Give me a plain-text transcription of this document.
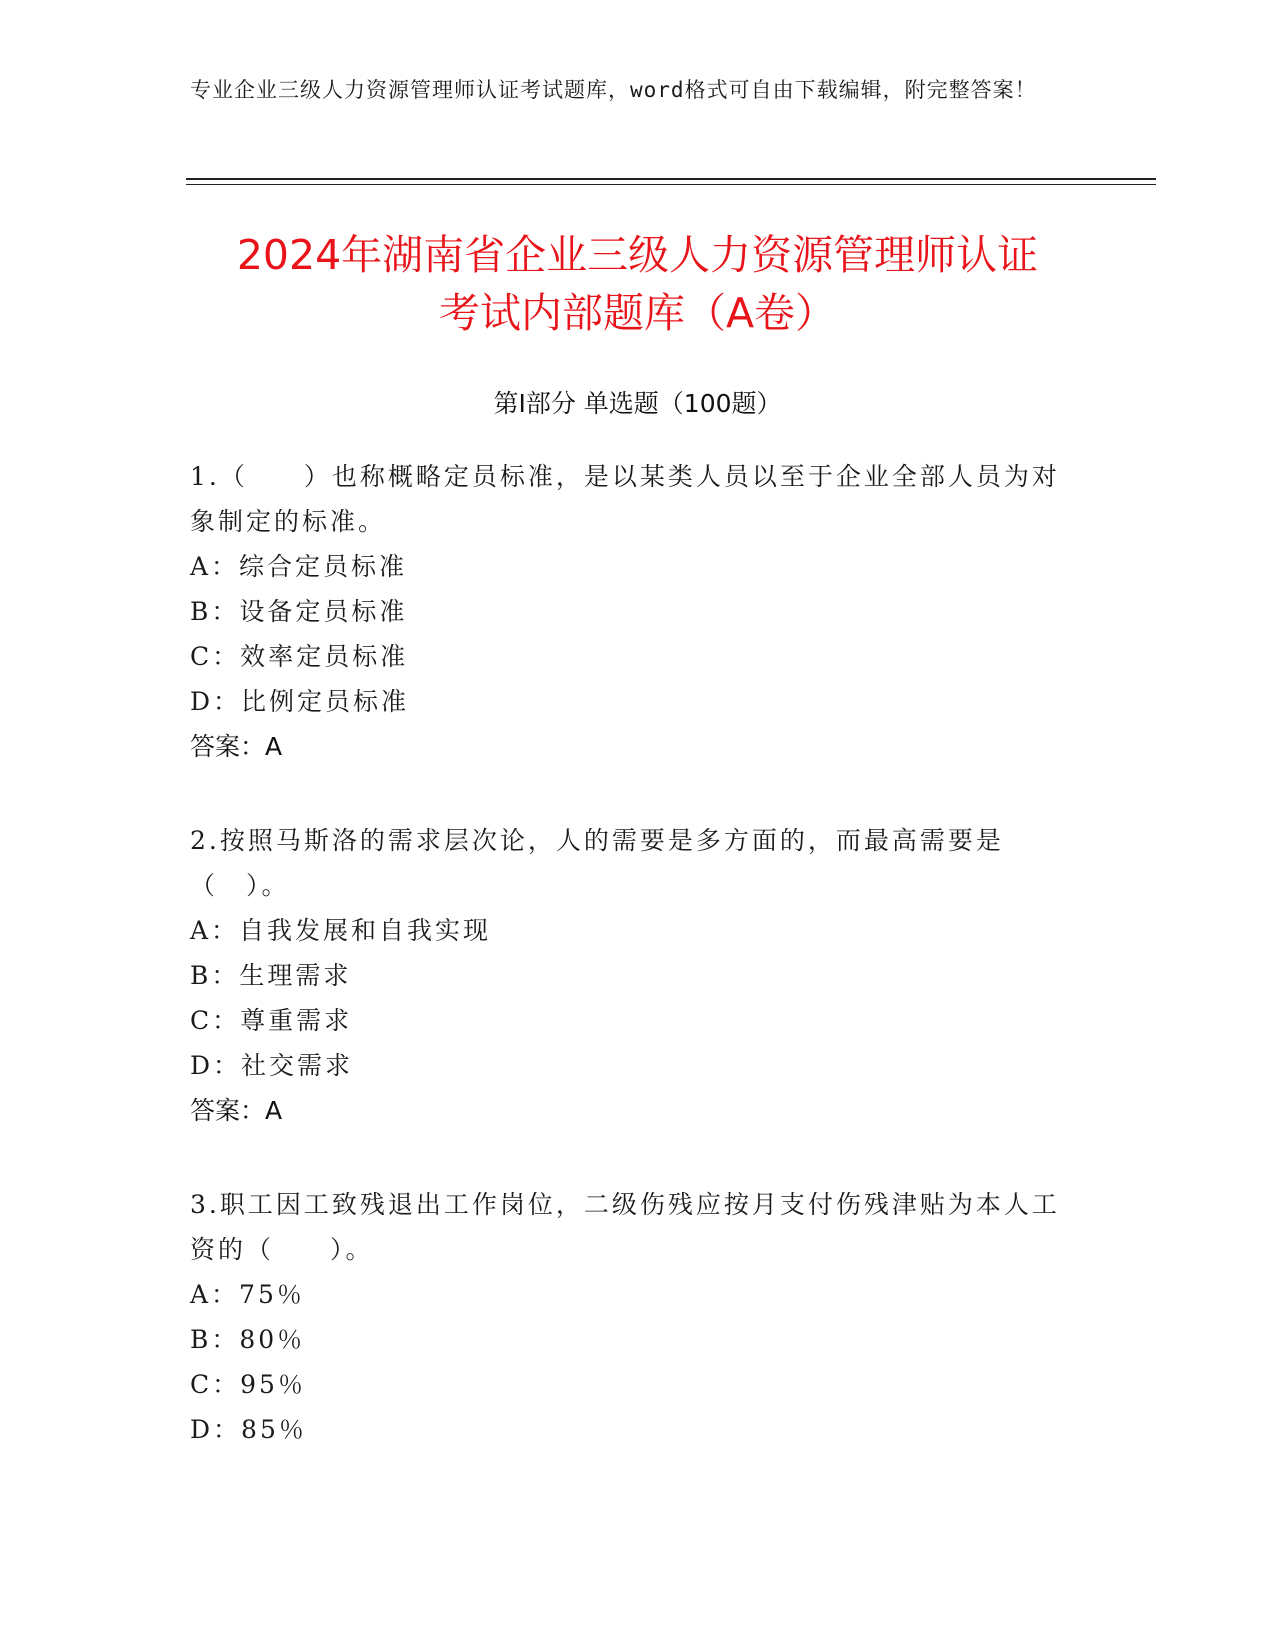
专业企业三级人力资源管理师认证考试题库，word格式可自由下载编辑，附完整答案！
2024年湖南省企业三级人力资源管理师认证
考试内部题库（A卷）
第Ⅰ部分 单选题（100题）
1.（　　）也称概略定员标准，是以某类人员以至于企业全部人员为对象制定的标准。
A：综合定员标准
B：设备定员标准
C：效率定员标准
D：比例定员标准
答案：A
2.按照马斯洛的需求层次论，人的需要是多方面的，而最高需要是（　）。
A：自我发展和自我实现
B：生理需求
C：尊重需求
D：社交需求
答案：A
3.职工因工致残退出工作岗位，二级伤残应按月支付伤残津贴为本人工资的（　　）。
A：75％
B：80％
C：95％
D：85％
